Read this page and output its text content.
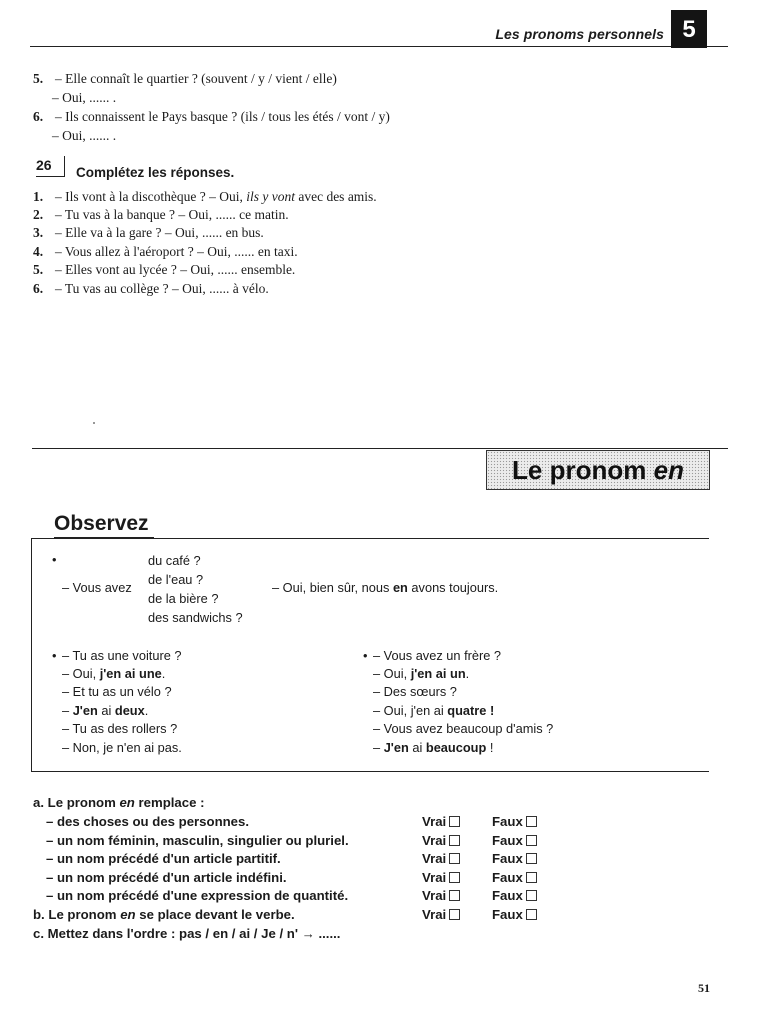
Les pronoms personnels 5
5. – Elle connaît le quartier ? (souvent / y / vient / elle)
– Oui, ...... .
6. – Ils connaissent le Pays basque ? (ils / tous les étés / vont / y)
– Oui, ...... .
26 Complétez les réponses.
1. – Ils vont à la discothèque ? – Oui, ils y vont avec des amis.
2. – Tu vas à la banque ? – Oui, ...... ce matin.
3. – Elle va à la gare ? – Oui, ...... en bus.
4. – Vous allez à l'aéroport ? – Oui, ...... en taxi.
5. – Elles vont au lycée ? – Oui, ...... ensemble.
6. – Tu vas au collège ? – Oui, ...... à vélo.
Le pronom en
Observez
•	du café ?
de l'eau ?
– Vous avez	– Oui, bien sûr, nous en avons toujours.
de la bière ?
des sandwichs ?
• – Tu as une voiture ?
– Oui, j'en ai une.
– Et tu as un vélo ?
– J'en ai deux.
– Tu as des rollers ?
– Non, je n'en ai pas.
• – Vous avez un frère ?
– Oui, j'en ai un.
– Des sœurs ?
– Oui, j'en ai quatre !
– Vous avez beaucoup d'amis ?
– J'en ai beaucoup !
a. Le pronom en remplace :
– des choses ou des personnes.	Vrai	Faux
– un nom féminin, masculin, singulier ou pluriel.	Vrai	Faux
– un nom précédé d'un article partitif.	Vrai	Faux
– un nom précédé d'un article indéfini.	Vrai	Faux
– un nom précédé d'une expression de quantité.	Vrai	Faux
b. Le pronom en se place devant le verbe.	Vrai	Faux
c. Mettez dans l'ordre : pas / en / ai / Je / n' → ......
51
